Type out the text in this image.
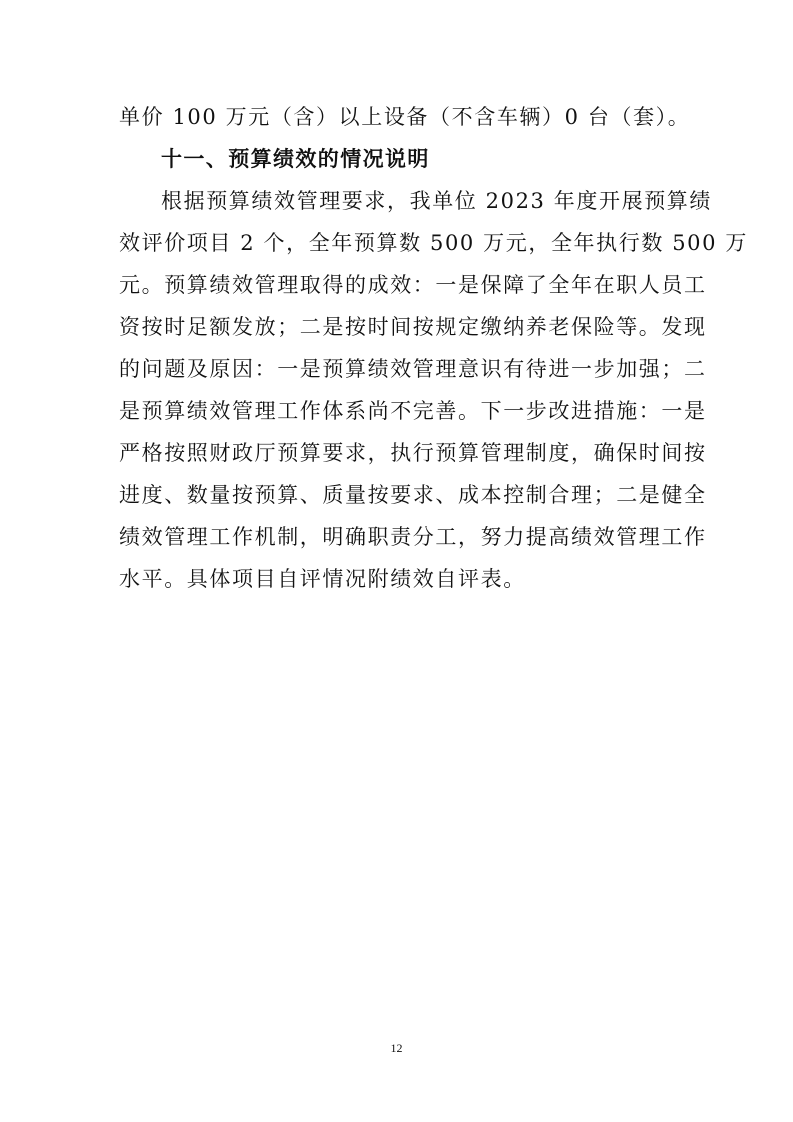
单价 100 万元（含）以上设备（不含车辆）0 台（套）。
十一、预算绩效的情况说明
根据预算绩效管理要求，我单位 2023 年度开展预算绩
效评价项目 2 个，全年预算数 500 万元，全年执行数 500 万
元。预算绩效管理取得的成效：一是保障了全年在职人员工
资按时足额发放；二是按时间按规定缴纳养老保险等。发现
的问题及原因：一是预算绩效管理意识有待进一步加强；二
是预算绩效管理工作体系尚不完善。下一步改进措施：一是
严格按照财政厅预算要求，执行预算管理制度，确保时间按
进度、数量按预算、质量按要求、成本控制合理；二是健全
绩效管理工作机制，明确职责分工，努力提高绩效管理工作
水平。具体项目自评情况附绩效自评表。
12
